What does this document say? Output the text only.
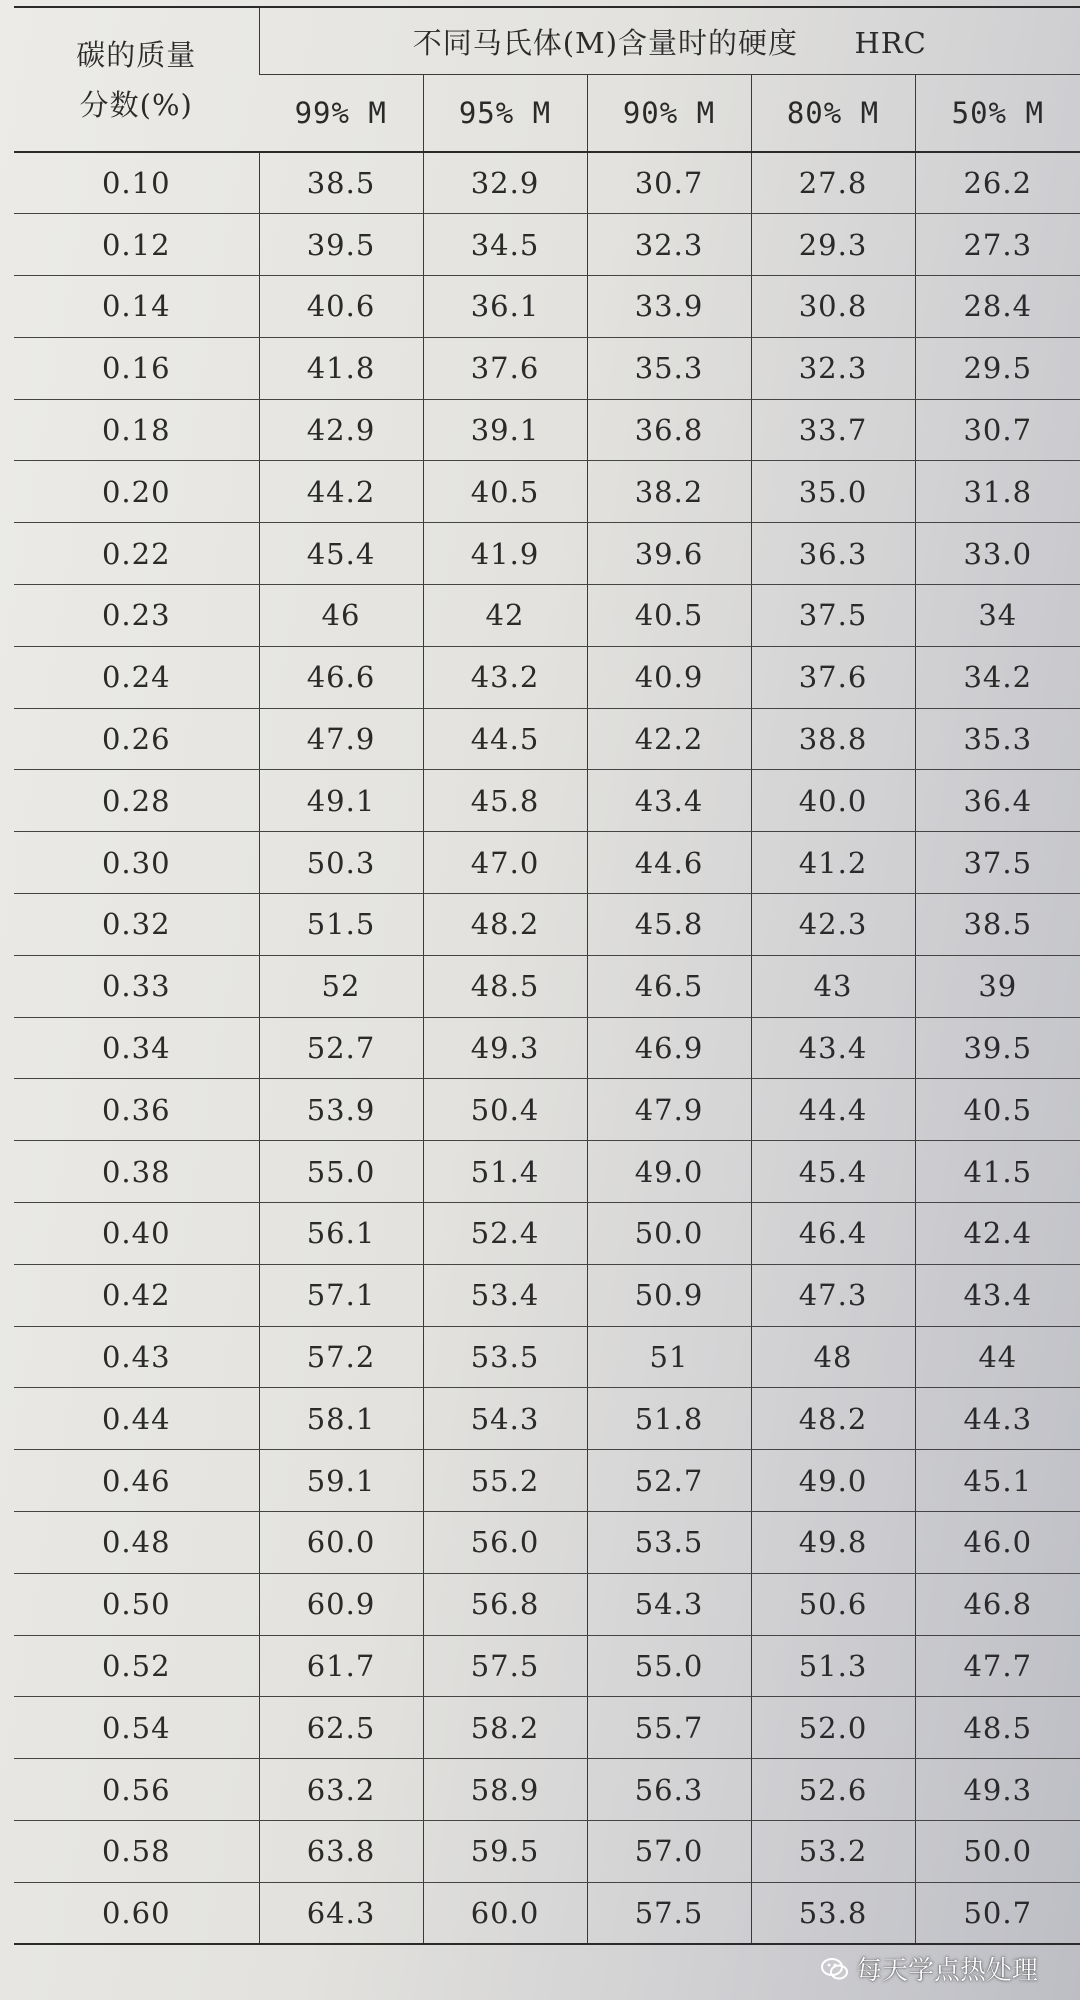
碳的质量
分数(%)	不同马氏体(M)含量时的硬度 HRC				
	99% M	95% M	90% M	80% M	50% M
0.10	38.5	32.9	30.7	27.8	26.2
0.12	39.5	34.5	32.3	29.3	27.3
0.14	40.6	36.1	33.9	30.8	28.4
0.16	41.8	37.6	35.3	32.3	29.5
0.18	42.9	39.1	36.8	33.7	30.7
0.20	44.2	40.5	38.2	35.0	31.8
0.22	45.4	41.9	39.6	36.3	33.0
0.23	46	42	40.5	37.5	34
0.24	46.6	43.2	40.9	37.6	34.2
0.26	47.9	44.5	42.2	38.8	35.3
0.28	49.1	45.8	43.4	40.0	36.4
0.30	50.3	47.0	44.6	41.2	37.5
0.32	51.5	48.2	45.8	42.3	38.5
0.33	52	48.5	46.5	43	39
0.34	52.7	49.3	46.9	43.4	39.5
0.36	53.9	50.4	47.9	44.4	40.5
0.38	55.0	51.4	49.0	45.4	41.5
0.40	56.1	52.4	50.0	46.4	42.4
0.42	57.1	53.4	50.9	47.3	43.4
0.43	57.2	53.5	51	48	44
0.44	58.1	54.3	51.8	48.2	44.3
0.46	59.1	55.2	52.7	49.0	45.1
0.48	60.0	56.0	53.5	49.8	46.0
0.50	60.9	56.8	54.3	50.6	46.8
0.52	61.7	57.5	55.0	51.3	47.7
0.54	62.5	58.2	55.7	52.0	48.5
0.56	63.2	58.9	56.3	52.6	49.3
0.58	63.8	59.5	57.0	53.2	50.0
0.60	64.3	60.0	57.5	53.8	50.7
每天学点热处理
